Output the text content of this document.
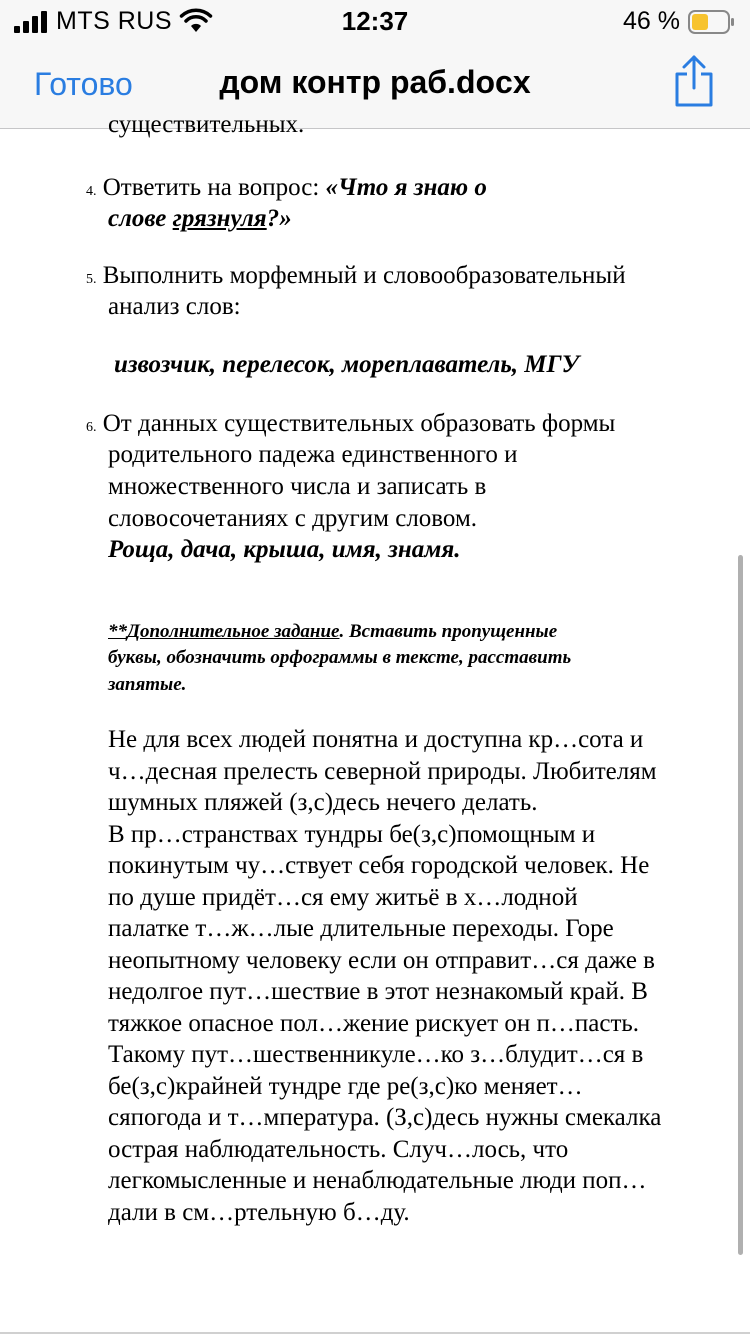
MTS RUS	12:37	46 %
Готово	дом контр раб.docx
существительных.
4. Ответить на вопрос: «Что я знаю о
слове грязнуля?»
5. Выполнить морфемный и словообразовательный
анализ слов:
извозчик, перелесок, мореплаватель, МГУ
6. От данных существительных образовать формы
родительного падежа единственного и
множественного числа и записать в
словосочетаниях с другим словом.
Роща, дача, крыша, имя, знамя.
**Дополнительное задание. Вставить пропущенные
буквы, обозначить орфограммы в тексте, расставить
запятые.

Не для всех людей понятна и доступна кр…сота и

ч…десная прелесть северной природы. Любителям

шумных пляжей (з,с)десь нечего делать.

В пр…странствах тундры бе(з,с)помощным и

покинутым чу…ствует себя городской человек. Не

по душе придёт…ся ему житьё в х…лодной

палатке т…ж…лые длительные переходы. Горе

неопытному человеку если он отправит…ся даже в

недолгое пут…шествие в этот незнакомый край. В

тяжкое опасное пол…жение рискует он п…пасть.

Такому пут…шественникуле…ко з…блудит…ся в

бе(з,с)крайней тундре где ре(з,с)ко меняет…

сяпогода и т…мпература. (З,с)десь нужны смекалка

острая наблюдательность. Случ…лось, что

легкомысленные и ненаблюдательные люди поп…

дали в см…ртельную б…ду.
